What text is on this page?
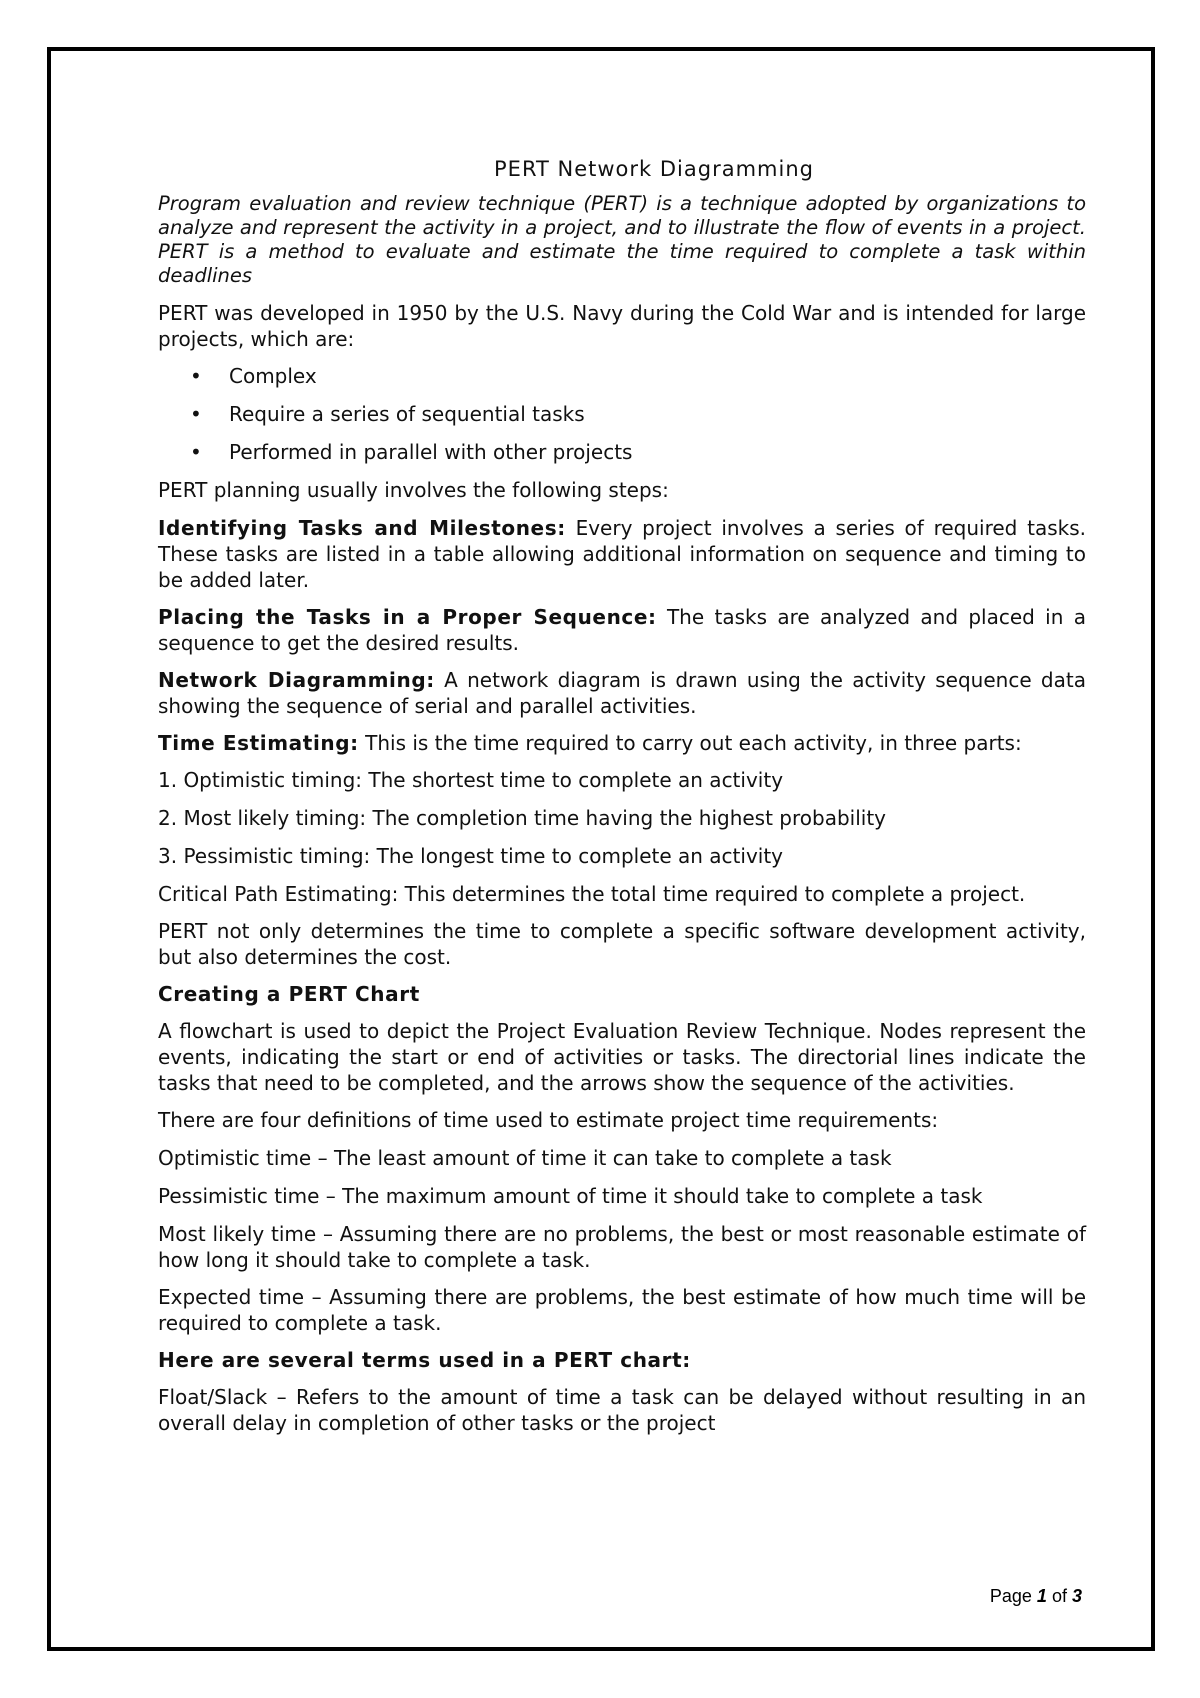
PERT Network Diagramming

Program evaluation and review technique (PERT) is a technique adopted by organizations to analyze and represent the activity in a project, and to illustrate the flow of events in a project. PERT is a method to evaluate and estimate the time required to complete a task within deadlines

PERT was developed in 1950 by the U.S. Navy during the Cold War and is intended for large projects, which are:

• Complex
• Require a series of sequential tasks
• Performed in parallel with other projects

PERT planning usually involves the following steps:

Identifying Tasks and Milestones: Every project involves a series of required tasks. These tasks are listed in a table allowing additional information on sequence and timing to be added later.

Placing the Tasks in a Proper Sequence: The tasks are analyzed and placed in a sequence to get the desired results.

Network Diagramming: A network diagram is drawn using the activity sequence data showing the sequence of serial and parallel activities.

Time Estimating: This is the time required to carry out each activity, in three parts:

1. Optimistic timing: The shortest time to complete an activity

2. Most likely timing: The completion time having the highest probability

3. Pessimistic timing: The longest time to complete an activity

Critical Path Estimating: This determines the total time required to complete a project.

PERT not only determines the time to complete a specific software development activity, but also determines the cost.

Creating a PERT Chart

A flowchart is used to depict the Project Evaluation Review Technique. Nodes represent the events, indicating the start or end of activities or tasks. The directorial lines indicate the tasks that need to be completed, and the arrows show the sequence of the activities.

There are four definitions of time used to estimate project time requirements:

Optimistic time – The least amount of time it can take to complete a task

Pessimistic time – The maximum amount of time it should take to complete a task

Most likely time – Assuming there are no problems, the best or most reasonable estimate of how long it should take to complete a task.

Expected time – Assuming there are problems, the best estimate of how much time will be required to complete a task.

Here are several terms used in a PERT chart:

Float/Slack – Refers to the amount of time a task can be delayed without resulting in an overall delay in completion of other tasks or the project

Page 1 of 3
